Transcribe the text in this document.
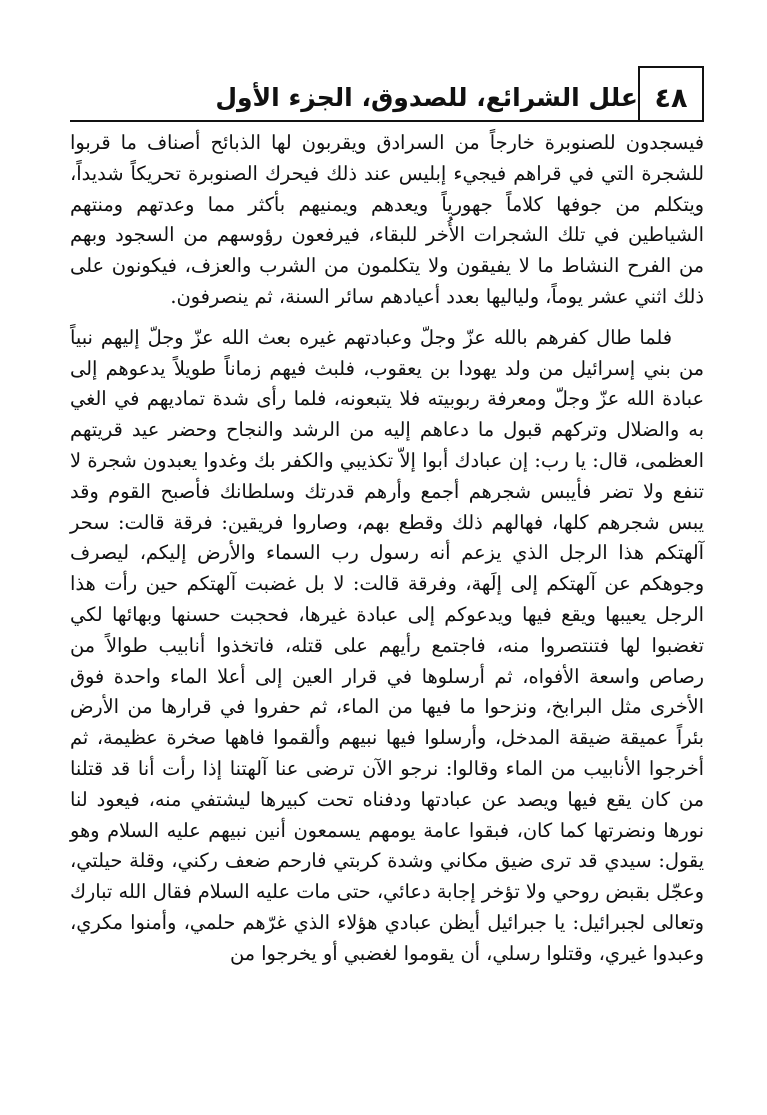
علل الشرائع، للصدوق، الجزء الأول ٤٨

فيسجدون للصنوبرة خارجاً من السرادق ويقربون لها الذبائح أصناف ما قربوا للشجرة التي في قراهم فيجيء إبليس عند ذلك فيحرك الصنوبرة تحريكاً شديداً، ويتكلم من جوفها كلاماً جهورياً ويعدهم ويمنيهم بأكثر مما وعدتهم ومنتهم الشياطين في تلك الشجرات الأُخر للبقاء، فيرفعون رؤوسهم من السجود وبهم من الفرح النشاط ما لا يفيقون ولا يتكلمون من الشرب والعزف، فيكونون على ذلك اثني عشر يوماً، ولياليها بعدد أعيادهم سائر السنة، ثم ينصرفون.

فلما طال كفرهم بالله عزّ وجلّ وعبادتهم غيره بعث الله عزّ وجلّ إليهم نبياً من بني إسرائيل من ولد يهودا بن يعقوب، فلبث فيهم زماناً طويلاً يدعوهم إلى عبادة الله عزّ وجلّ ومعرفة ربوبيته فلا يتبعونه، فلما رأى شدة تماديهم في الغي به والضلال وتركهم قبول ما دعاهم إليه من الرشد والنجاح وحضر عيد قريتهم العظمى، قال: يا رب: إن عبادك أبوا إلاّ تكذيبي والكفر بك وغدوا يعبدون شجرة لا تنفع ولا تضر فأيبس شجرهم أجمع وأرهم قدرتك وسلطانك فأصبح القوم وقد يبس شجرهم كلها، فهالهم ذلك وقطع بهم، وصاروا فريقين: فرقة قالت: سحر آلهتكم هذا الرجل الذي يزعم أنه رسول رب السماء والأرض إليكم، ليصرف وجوهكم عن آلهتكم إلى إلَهة، وفرقة قالت: لا بل غضبت آلهتكم حين رأت هذا الرجل يعيبها ويقع فيها ويدعوكم إلى عبادة غيرها، فحجبت حسنها وبهائها لكي تغضبوا لها فتنتصروا منه، فاجتمع رأيهم على قتله، فاتخذوا أنابيب طوالاً من رصاص واسعة الأفواه، ثم أرسلوها في قرار العين إلى أعلا الماء واحدة فوق الأخرى مثل البرابخ، ونزحوا ما فيها من الماء، ثم حفروا في قرارها من الأرض بئراً عميقة ضيقة المدخل، وأرسلوا فيها نبيهم وألقموا فاهها صخرة عظيمة، ثم أخرجوا الأنابيب من الماء وقالوا: نرجو الآن ترضى عنا آلهتنا إذا رأت أنا قد قتلنا من كان يقع فيها ويصد عن عبادتها ودفناه تحت كبيرها ليشتفي منه، فيعود لنا نورها ونضرتها كما كان، فبقوا عامة يومهم يسمعون أنين نبيهم عليه السلام وهو يقول: سيدي قد ترى ضيق مكاني وشدة كربتي فارحم ضعف ركني، وقلة حيلتي، وعجّل بقبض روحي ولا تؤخر إجابة دعائي، حتى مات عليه السلام فقال الله تبارك وتعالى لجبرائيل: يا جبرائيل أيظن عبادي هؤلاء الذي غرّهم حلمي، وأمنوا مكري، وعبدوا غيري، وقتلوا رسلي، أن يقوموا لغضبي أو يخرجوا من
